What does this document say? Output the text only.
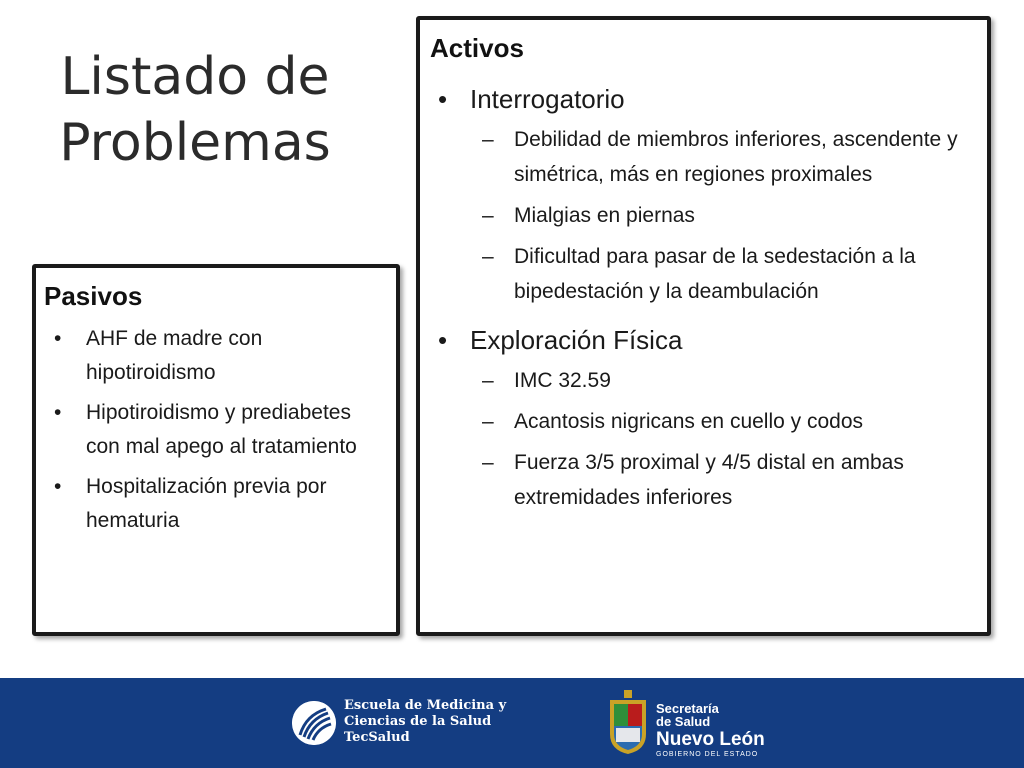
Listado de
Problemas
Activos
• Interrogatorio
– Debilidad de miembros inferiores, ascendente y simétrica, más en regiones proximales
– Mialgias en piernas
– Dificultad para pasar de la sedestación a la bipedestación y la deambulación
• Exploración Física
– IMC 32.59
– Acantosis nigricans en cuello y codos
– Fuerza 3/5 proximal y 4/5 distal en ambas extremidades inferiores
Pasivos
• AHF de madre con hipotiroidismo
• Hipotiroidismo y prediabetes con mal apego al tratamiento
• Hospitalización previa por hematuria
Escuela de Medicina y
Ciencias de la Salud
TecSalud
Secretaría
de Salud
Nuevo León
GOBIERNO DEL ESTADO
